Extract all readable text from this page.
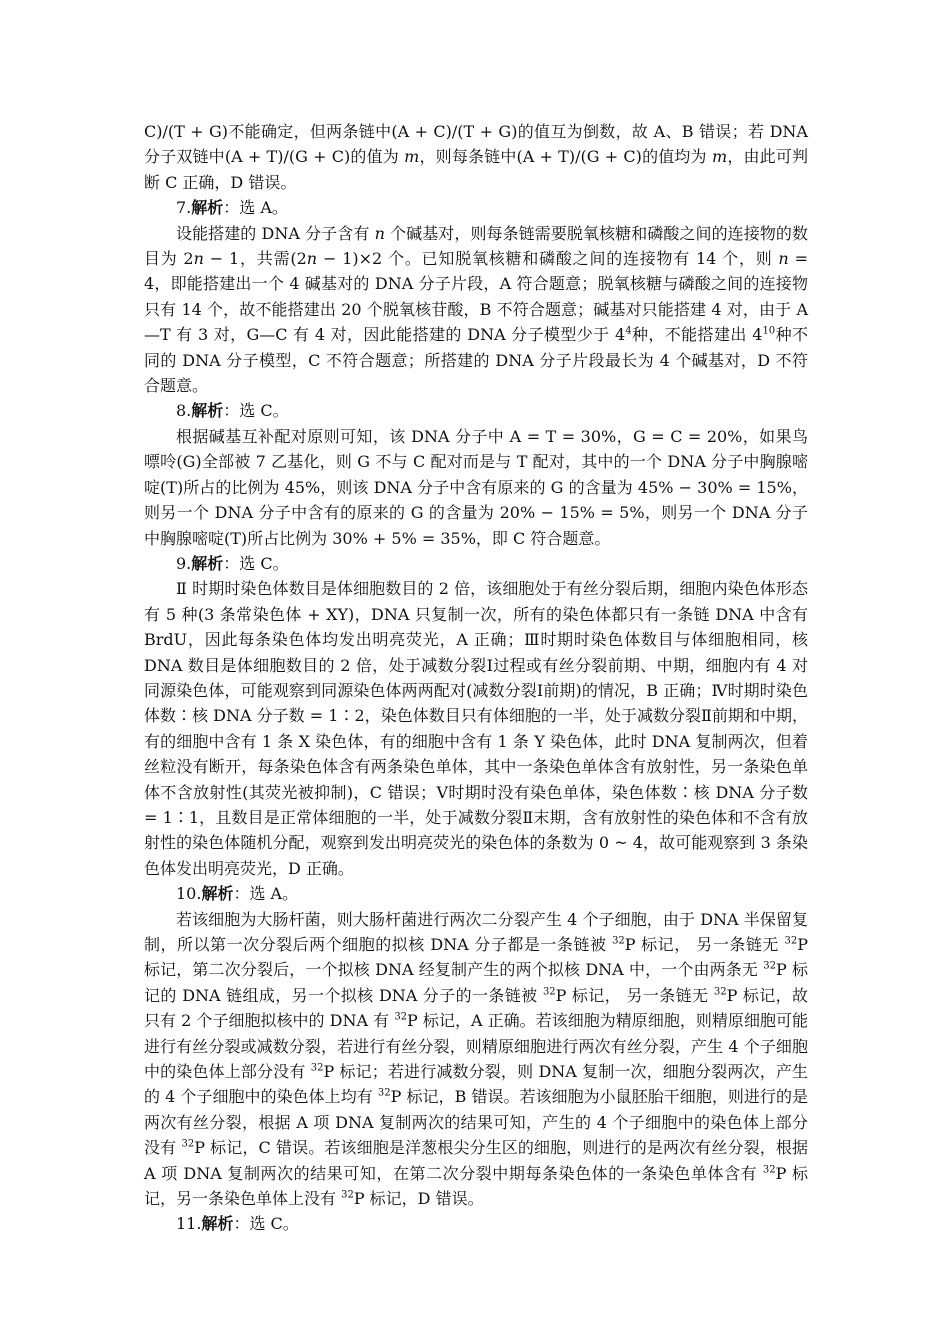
C)/(T + G)不能确定，但两条链中(A + C)/(T + G)的值互为倒数，故 A、B 错误；若 DNA 分子双链中(A + T)/(G + C)的值为 m，则每条链中(A + T)/(G + C)的值均为 m，由此可判断 C 正确，D 错误。

7.解析：选 A。

设能搭建的 DNA 分子含有 n 个碱基对，则每条链需要脱氧核糖和磷酸之间的连接物的数目为 2n − 1，共需(2n − 1)×2 个。已知脱氧核糖和磷酸之间的连接物有 14 个，则 n = 4，即能搭建出一个 4 碱基对的 DNA 分子片段，A 符合题意；脱氧核糖与磷酸之间的连接物只有 14 个，故不能搭建出 20 个脱氧核苷酸，B 不符合题意；碱基对只能搭建 4 对，由于 A—T 有 3 对，G—C 有 4 对，因此能搭建的 DNA 分子模型少于 $4^4$种，不能搭建出 $4^{10}$种不同的 DNA 分子模型，C 不符合题意；所搭建的 DNA 分子片段最长为 4 个碱基对，D 不符合题意。

8.解析：选 C。

根据碱基互补配对原则可知，该 DNA 分子中 A = T = 30%，G = C = 20%，如果鸟嘌呤(G)全部被 7 乙基化，则 G 不与 C 配对而是与 T 配对，其中的一个 DNA 分子中胸腺嘧啶(T)所占的比例为 45%，则该 DNA 分子中含有原来的 G 的含量为 45% − 30% = 15%，则另一个 DNA 分子中含有的原来的 G 的含量为 20% − 15% = 5%，则另一个 DNA 分子中胸腺嘧啶(T)所占比例为 30% + 5% = 35%，即 C 符合题意。

9.解析：选 C。

Ⅱ 时期时染色体数目是体细胞数目的 2 倍，该细胞处于有丝分裂后期，细胞内染色体形态有 5 种(3 条常染色体 + XY)，DNA 只复制一次，所有的染色体都只有一条链 DNA 中含有 BrdU，因此每条染色体均发出明亮荧光，A 正确；Ⅲ时期时染色体数目与体细胞相同，核 DNA 数目是体细胞数目的 2 倍，处于减数分裂Ⅰ过程或有丝分裂前期、中期，细胞内有 4 对同源染色体，可能观察到同源染色体两两配对(减数分裂Ⅰ前期)的情况，B 正确；Ⅳ时期时染色体数∶核 DNA 分子数 = 1∶2，染色体数目只有体细胞的一半，处于减数分裂Ⅱ前期和中期，有的细胞中含有 1 条 X 染色体，有的细胞中含有 1 条 Y 染色体，此时 DNA 复制两次，但着丝粒没有断开，每条染色体含有两条染色单体，其中一条染色单体含有放射性，另一条染色单体不含放射性(其荧光被抑制)，C 错误；Ⅴ时期时没有染色单体，染色体数∶核 DNA 分子数 = 1∶1，且数目是正常体细胞的一半，处于减数分裂Ⅱ末期，含有放射性的染色体和不含有放射性的染色体随机分配，观察到发出明亮荧光的染色体的条数为 0 ~ 4，故可能观察到 3 条染色体发出明亮荧光，D 正确。

10.解析：选 A。

若该细胞为大肠杆菌，则大肠杆菌进行两次二分裂产生 4 个子细胞，由于 DNA 半保留复制，所以第一次分裂后两个细胞的拟核 DNA 分子都是一条链被 $^{32}$P 标记， 另一条链无 $^{32}$P 标记，第二次分裂后，一个拟核 DNA 经复制产生的两个拟核 DNA 中，一个由两条无 $^{32}$P 标记的 DNA 链组成，另一个拟核 DNA 分子的一条链被 $^{32}$P 标记， 另一条链无 $^{32}$P 标记，故只有 2 个子细胞拟核中的 DNA 有 $^{32}$P 标记，A 正确。若该细胞为精原细胞，则精原细胞可能进行有丝分裂或减数分裂，若进行有丝分裂，则精原细胞进行两次有丝分裂，产生 4 个子细胞中的染色体上部分没有 $^{32}$P 标记；若进行减数分裂，则 DNA 复制一次，细胞分裂两次，产生的 4 个子细胞中的染色体上均有 $^{32}$P 标记，B 错误。若该细胞为小鼠胚胎干细胞，则进行的是两次有丝分裂，根据 A 项 DNA 复制两次的结果可知，产生的 4 个子细胞中的染色体上部分没有 $^{32}$P 标记，C 错误。若该细胞是洋葱根尖分生区的细胞，则进行的是两次有丝分裂，根据 A 项 DNA 复制两次的结果可知，在第二次分裂中期每条染色体的一条染色单体含有 $^{32}$P 标记，另一条染色单体上没有 $^{32}$P 标记，D 错误。

11.解析：选 C。
